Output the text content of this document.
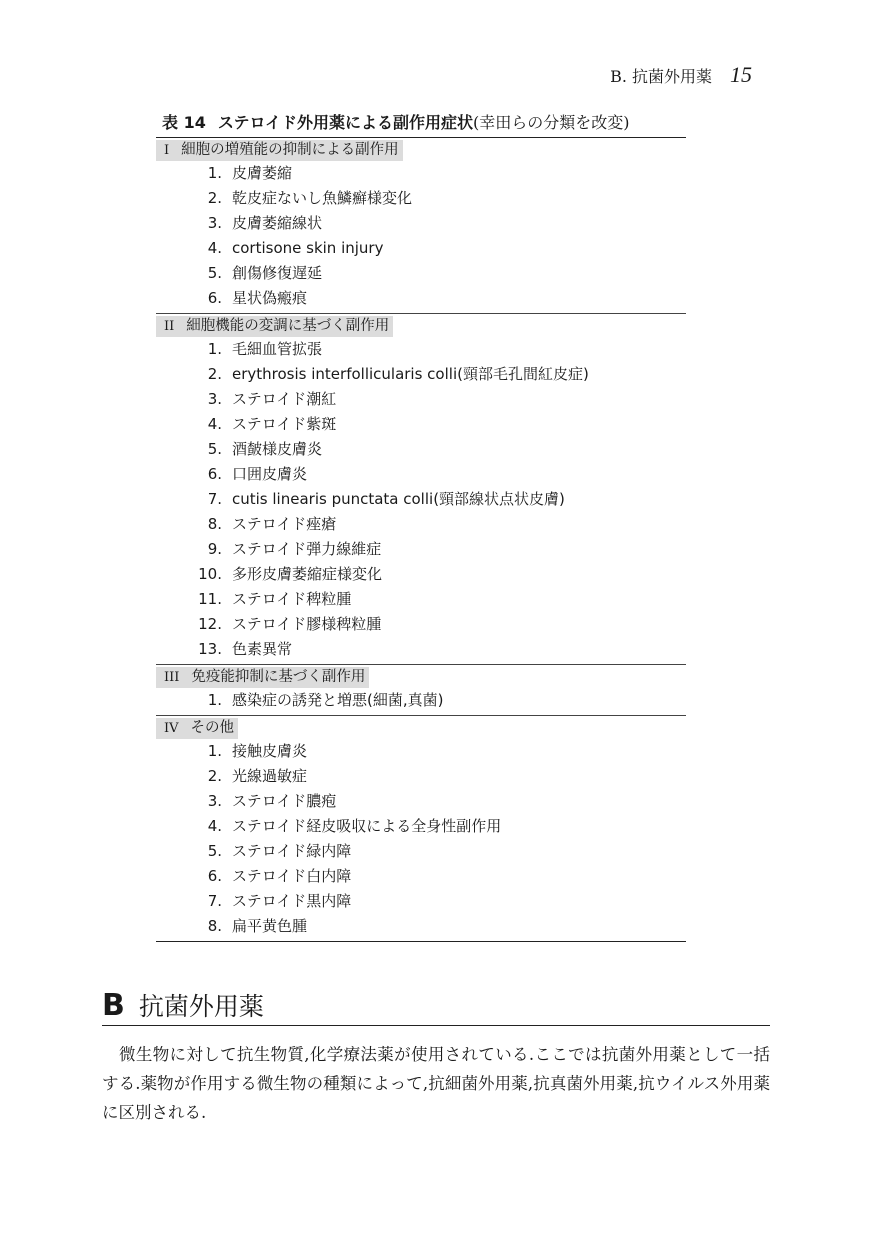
B. 抗菌外用薬 15
表 14 ステロイド外用薬による副作用症状(幸田らの分類を改変)
I 細胞の増殖能の抑制による副作用
1. 皮膚萎縮
2. 乾皮症ないし魚鱗癬様変化
3. 皮膚萎縮線状
4. cortisone skin injury
5. 創傷修復遅延
6. 星状偽瘢痕
II 細胞機能の変調に基づく副作用
1. 毛細血管拡張
2. erythrosis interfollicularis colli(頸部毛孔間紅皮症)
3. ステロイド潮紅
4. ステロイド紫斑
5. 酒皶様皮膚炎
6. 口囲皮膚炎
7. cutis linearis punctata colli(頸部線状点状皮膚)
8. ステロイド痤瘡
9. ステロイド弾力線維症
10. 多形皮膚萎縮症様変化
11. ステロイド稗粒腫
12. ステロイド膠様稗粒腫
13. 色素異常
III 免疫能抑制に基づく副作用
1. 感染症の誘発と増悪(細菌,真菌)
IV その他
1. 接触皮膚炎
2. 光線過敏症
3. ステロイド膿疱
4. ステロイド経皮吸収による全身性副作用
5. ステロイド緑内障
6. ステロイド白内障
7. ステロイド黒内障
8. 扁平黄色腫
B 抗菌外用薬

微生物に対して抗生物質,化学療法薬が使用されている.ここでは抗菌外用薬として一括する.薬物が作用する微生物の種類によって,抗細菌外用薬,抗真菌外用薬,抗ウイルス外用薬に区別される.
